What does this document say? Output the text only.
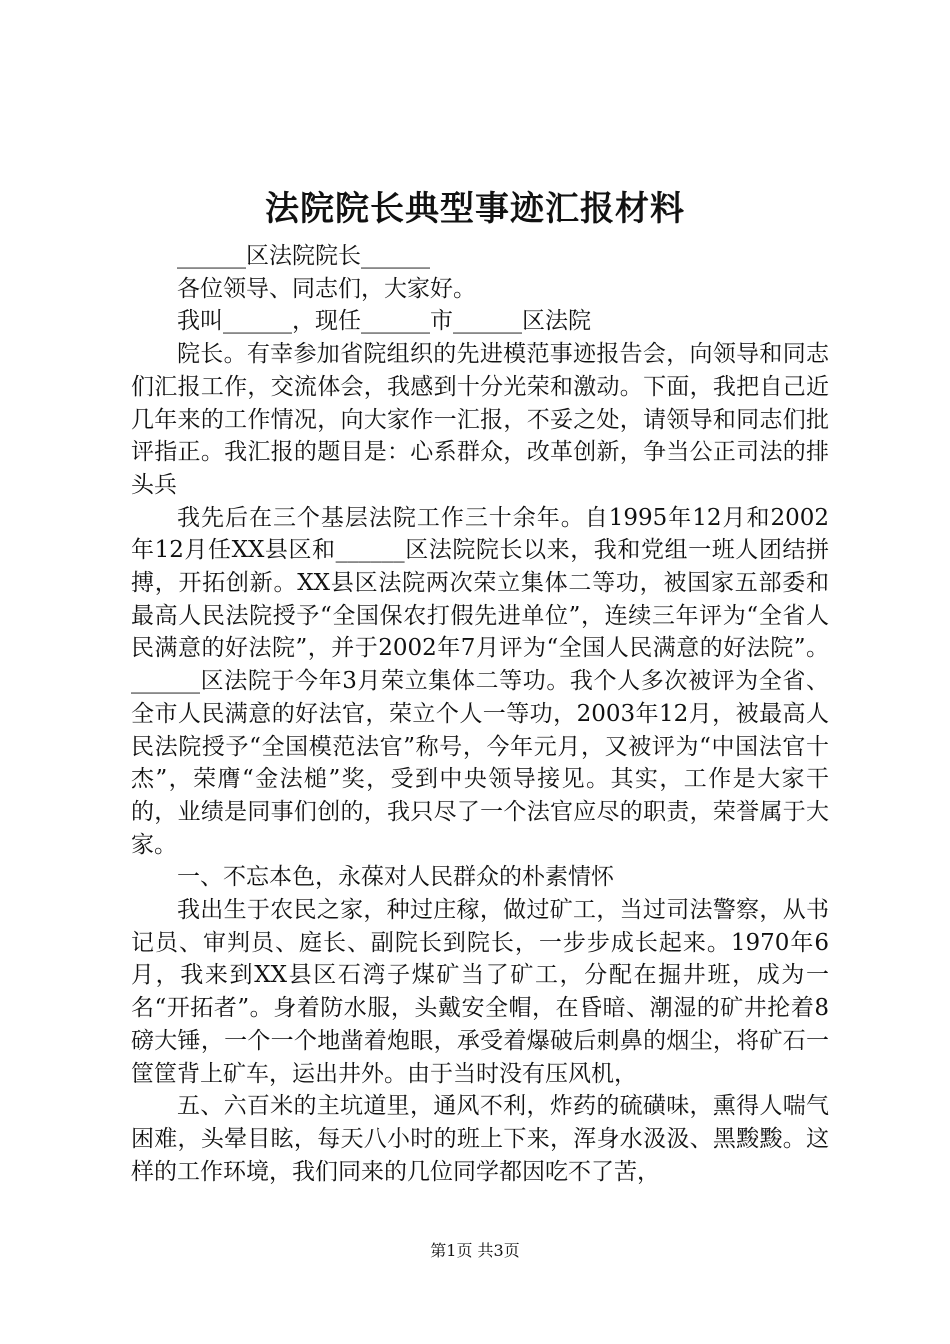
法院院长典型事迹汇报材料

______区法院院长______

各位领导、同志们，大家好。

我叫______，现任______市______区法院

院长。有幸参加省院组织的先进模范事迹报告会，向领导和同志们汇报工作，交流体会，我感到十分光荣和激动。下面，我把自己近几年来的工作情况，向大家作一汇报，不妥之处，请领导和同志们批评指正。我汇报的题目是：心系群众，改革创新，争当公正司法的排头兵

我先后在三个基层法院工作三十余年。自1995年12月和2002年12月任XX县区和______区法院院长以来，我和党组一班人团结拼搏，开拓创新。XX县区法院两次荣立集体二等功，被国家五部委和最高人民法院授予“全国保农打假先进单位”，连续三年评为“全省人民满意的好法院”，并于2002年7月评为“全国人民满意的好法院”。______区法院于今年3月荣立集体二等功。我个人多次被评为全省、全市人民满意的好法官，荣立个人一等功，2003年12月，被最高人民法院授予“全国模范法官”称号，今年元月，又被评为“中国法官十杰”，荣膺“金法槌”奖，受到中央领导接见。其实，工作是大家干的，业绩是同事们创的，我只尽了一个法官应尽的职责，荣誉属于大家。

一、不忘本色，永葆对人民群众的朴素情怀

我出生于农民之家，种过庄稼，做过矿工，当过司法警察，从书记员、审判员、庭长、副院长到院长，一步步成长起来。1970年6月，我来到XX县区石湾子煤矿当了矿工，分配在掘井班，成为一名“开拓者”。身着防水服，头戴安全帽，在昏暗、潮湿的矿井抡着8磅大锤，一个一个地凿着炮眼，承受着爆破后刺鼻的烟尘，将矿石一筐筐背上矿车，运出井外。由于当时没有压风机，

五、六百米的主坑道里，通风不利，炸药的硫磺味，熏得人喘气困难，头晕目眩，每天八小时的班上下来，浑身水汲汲、黑黢黢。这样的工作环境，我们同来的几位同学都因吃不了苦，

第1页 共3页
